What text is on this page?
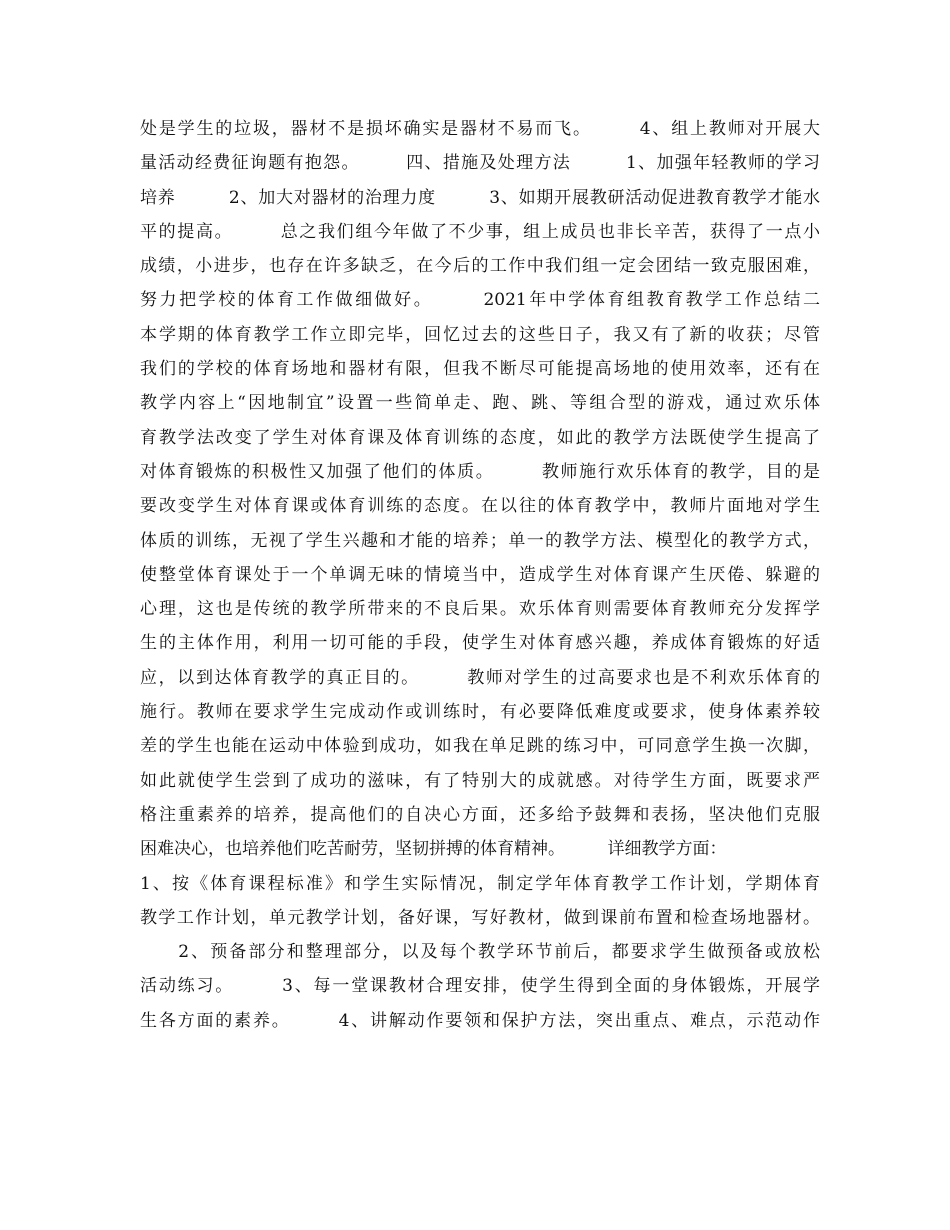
处是学生的垃圾，器材不是损坏确实是器材不易而飞。　　　4、组上教师对开展大
量活动经费征询题有抱怨。　　　四、措施及处理方法　　　1、加强年轻教师的学习
培养　　　2、加大对器材的治理力度　　　3、如期开展教研活动促进教育教学才能水
平的提高。　　　总之我们组今年做了不少事，组上成员也非长辛苦，获得了一点小
成绩，小进步，也存在许多缺乏，在今后的工作中我们组一定会团结一致克服困难，
努力把学校的体育工作做细做好。　　　2021年中学体育组教育教学工作总结二
本学期的体育教学工作立即完毕，回忆过去的这些日子，我又有了新的收获；尽管
我们的学校的体育场地和器材有限，但我不断尽可能提高场地的使用效率，还有在
教学内容上“因地制宜”设置一些简单走、跑、跳、等组合型的游戏，通过欢乐体
育教学法改变了学生对体育课及体育训练的态度，如此的教学方法既使学生提高了
对体育锻炼的积极性又加强了他们的体质。　　　教师施行欢乐体育的教学，目的是
要改变学生对体育课或体育训练的态度。在以往的体育教学中，教师片面地对学生
体质的训练，无视了学生兴趣和才能的培养；单一的教学方法、模型化的教学方式，
使整堂体育课处于一个单调无味的情境当中，造成学生对体育课产生厌倦、躲避的
心理，这也是传统的教学所带来的不良后果。欢乐体育则需要体育教师充分发挥学
生的主体作用，利用一切可能的手段，使学生对体育感兴趣，养成体育锻炼的好适
应，以到达体育教学的真正目的。　　　教师对学生的过高要求也是不利欢乐体育的
施行。教师在要求学生完成动作或训练时，有必要降低难度或要求，使身体素养较
差的学生也能在运动中体验到成功，如我在单足跳的练习中，可同意学生换一次脚，
如此就使学生尝到了成功的滋味，有了特别大的成就感。对待学生方面，既要求严
格注重素养的培养，提高他们的自决心方面，还多给予鼓舞和表扬，坚决他们克服
困难决心，也培养他们吃苦耐劳，坚韧拼搏的体育精神。　　　详细教学方面：
1、按《体育课程标准》和学生实际情况，制定学年体育教学工作计划，学期体育
教学工作计划，单元教学计划，备好课，写好教材，做到课前布置和检查场地器材。
　　2、预备部分和整理部分，以及每个教学环节前后，都要求学生做预备或放松
活动练习。　　　3、每一堂课教材合理安排，使学生得到全面的身体锻炼，开展学
生各方面的素养。　　　4、讲解动作要领和保护方法，突出重点、难点，示范动作
